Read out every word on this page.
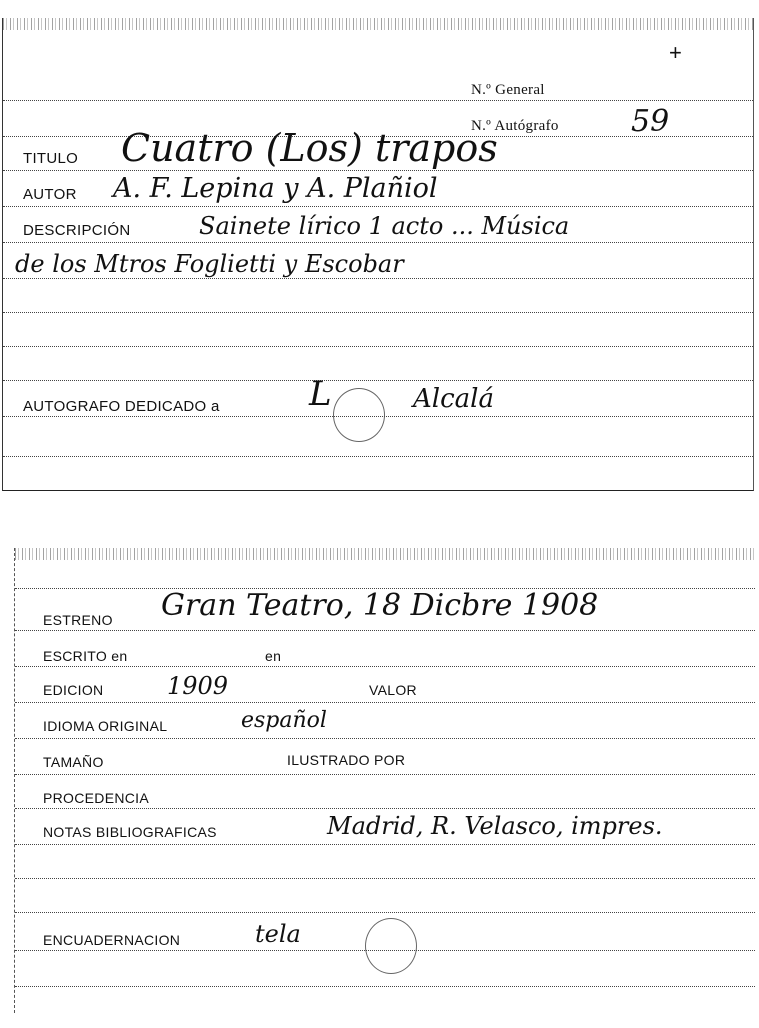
+
N.º General
N.º Autógrafo 59
TITULO Cuatro (Los) trapos
AUTOR A. F. Lepina y A. Plañiol
DESCRIPCIÓN	Sainete lírico 1 acto ... Música
de los Mtros Foglietti y Escobar
AUTOGRAFO DEDICADO a	L	Alcalá
ESTRENO Gran Teatro, 18 Dicbre 1908
ESCRITO en	en
EDICION	1909	VALOR
IDIOMA ORIGINAL	español
TAMAÑO	ILUSTRADO POR
PROCEDENCIA
NOTAS BIBLIOGRAFICAS	Madrid, R. Velasco, impres.
ENCUADERNACION	tela
